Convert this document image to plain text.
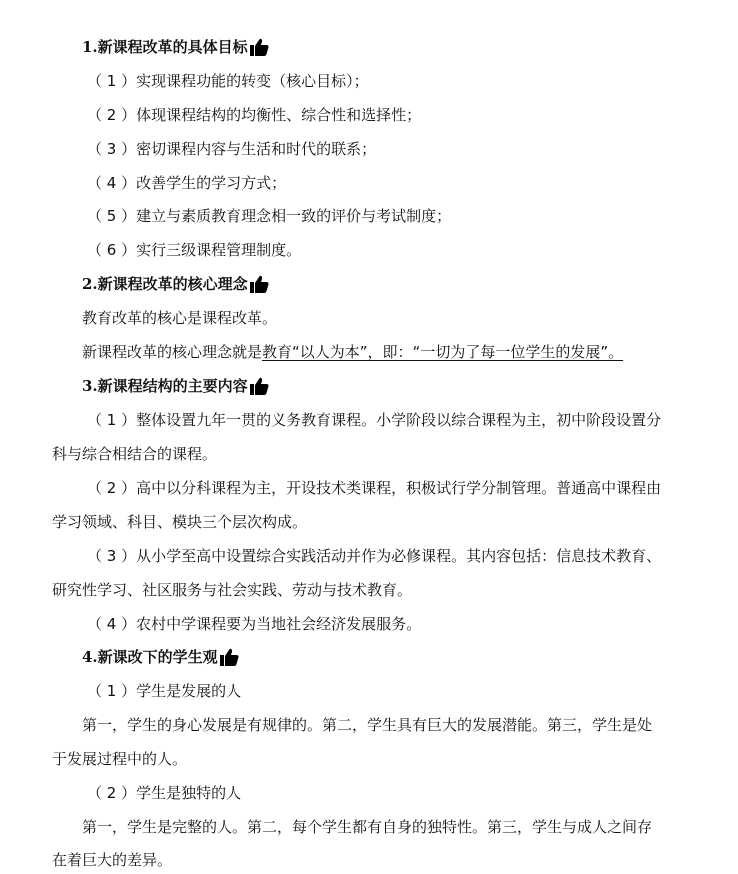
1.新课程改革的具体目标
（ 1 ）实现课程功能的转变（核心目标）；
（ 2 ）体现课程结构的均衡性、综合性和选择性；
（ 3 ）密切课程内容与生活和时代的联系；
（ 4 ）改善学生的学习方式；
（ 5 ）建立与素质教育理念相一致的评价与考试制度；
（ 6 ）实行三级课程管理制度。
2.新课程改革的核心理念
教育改革的核心是课程改革。
新课程改革的核心理念就是教育“以人为本”，即：“一切为了每一位学生的发展”。
3.新课程结构的主要内容
（ 1 ）整体设置九年一贯的义务教育课程。小学阶段以综合课程为主，初中阶段设置分
科与综合相结合的课程。
（ 2 ）高中以分科课程为主，开设技术类课程，积极试行学分制管理。普通高中课程由
学习领域、科目、模块三个层次构成。
（ 3 ）从小学至高中设置综合实践活动并作为必修课程。其内容包括：信息技术教育、
研究性学习、社区服务与社会实践、劳动与技术教育。
（ 4 ）农村中学课程要为当地社会经济发展服务。
4.新课改下的学生观
（ 1 ）学生是发展的人
第一，学生的身心发展是有规律的。第二，学生具有巨大的发展潜能。第三，学生是处
于发展过程中的人。
（ 2 ）学生是独特的人
第一，学生是完整的人。第二，每个学生都有自身的独特性。第三，学生与成人之间存
在着巨大的差异。
